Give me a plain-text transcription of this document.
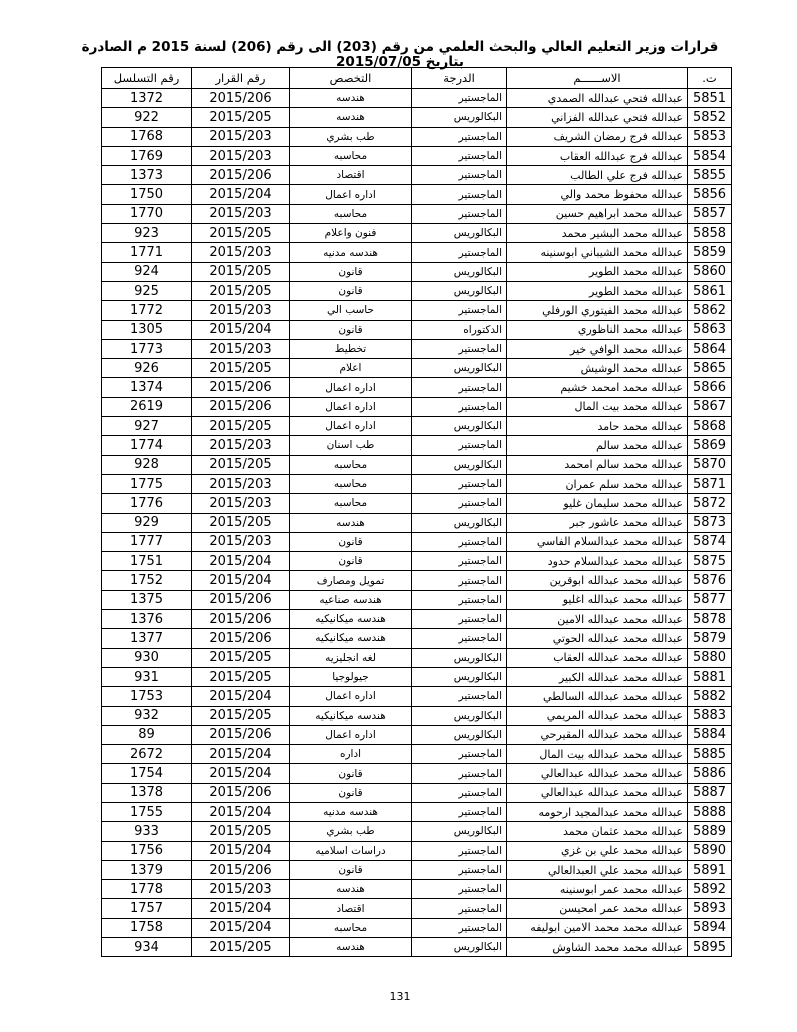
قرارات وزير التعليم العالي والبحث العلمي من رقم (203) الى رقم (206) لسنة 2015 م الصادرة بتاريخ 2015/07/05
ت.	الاســــــم	الدرجة	التخصص	رقم القرار	رقم التسلسل
5851	عبدالله فتحي عبدالله الصمدي	الماجستير	هندسه	2015/206	1372
5852	عبدالله فتحي عبدالله الفزاني	البكالوريس	هندسه	2015/205	922
5853	عبدالله فرج رمضان الشريف	الماجستير	طب بشري	2015/203	1768
5854	عبدالله فرج عبدالله العقاب	الماجستير	محاسبه	2015/203	1769
5855	عبدالله فرج علي الطالب	الماجستير	اقتصاد	2015/206	1373
5856	عبدالله محفوظ محمد والي	الماجستير	اداره اعمال	2015/204	1750
5857	عبدالله محمد ابراهيم حسين	الماجستير	محاسبه	2015/203	1770
5858	عبدالله محمد البشير محمد	البكالوريس	فنون واعلام	2015/205	923
5859	عبدالله محمد الشيباني ابوسنينه	الماجستير	هندسه مدنيه	2015/203	1771
5860	عبدالله محمد الطوير	البكالوريس	قانون	2015/205	924
5861	عبدالله محمد الطوير	البكالوريس	قانون	2015/205	925
5862	عبدالله محمد الفيتوري الورفلي	الماجستير	حاسب الي	2015/203	1772
5863	عبدالله محمد الناظوري	الدكتوراه	قانون	2015/204	1305
5864	عبدالله محمد الوافي خير	الماجستير	تخطيط	2015/203	1773
5865	عبدالله محمد الوشيش	البكالوريس	اعلام	2015/205	926
5866	عبدالله محمد امحمد خشيم	الماجستير	اداره اعمال	2015/206	1374
5867	عبدالله محمد بيت المال	الماجستير	اداره اعمال	2015/206	2619
5868	عبدالله محمد حامد	البكالوريس	اداره اعمال	2015/205	927
5869	عبدالله محمد سالم	الماجستير	طب اسنان	2015/203	1774
5870	عبدالله محمد سالم امحمد	البكالوريس	محاسبه	2015/205	928
5871	عبدالله محمد سلم عمران	الماجستير	محاسبه	2015/203	1775
5872	عبدالله محمد سليمان غليو	الماجستير	محاسبه	2015/203	1776
5873	عبدالله محمد عاشور جبر	البكالوريس	هندسه	2015/205	929
5874	عبدالله محمد عبدالسلام الفاسي	الماجستير	قانون	2015/203	1777
5875	عبدالله محمد عبدالسلام حدود	الماجستير	قانون	2015/204	1751
5876	عبدالله محمد عبدالله ابوقرين	الماجستير	تمويل ومصارف	2015/204	1752
5877	عبدالله محمد عبدالله اغليو	الماجستير	هندسه صناعيه	2015/206	1375
5878	عبدالله محمد عبدالله الامين	الماجستير	هندسه ميكانيكيه	2015/206	1376
5879	عبدالله محمد عبدالله الحوتي	الماجستير	هندسه ميكانيكيه	2015/206	1377
5880	عبدالله محمد عبدالله العقاب	البكالوريس	لغه انجليزيه	2015/205	930
5881	عبدالله محمد عبدالله الكبير	البكالوريس	جيولوجيا	2015/205	931
5882	عبدالله محمد عبدالله السالطي	الماجستير	اداره اعمال	2015/204	1753
5883	عبدالله محمد عبدالله المريمي	البكالوريس	هندسه ميكانيكيه	2015/205	932
5884	عبدالله محمد عبدالله المقيرحي	البكالوريس	اداره اعمال	2015/206	89
5885	عبدالله محمد عبدالله بيت المال	الماجستير	اداره	2015/204	2672
5886	عبدالله محمد عبدالله عبدالعالي	الماجستير	قانون	2015/204	1754
5887	عبدالله محمد عبدالله عبدالعالي	الماجستير	قانون	2015/206	1378
5888	عبدالله محمد عبدالمجيد ارحومه	الماجستير	هندسه مدنيه	2015/204	1755
5889	عبدالله محمد عثمان محمد	البكالوريس	طب بشري	2015/205	933
5890	عبدالله محمد علي بن غزي	الماجستير	دراسات اسلاميه	2015/204	1756
5891	عبدالله محمد علي العبدالعالي	الماجستير	قانون	2015/206	1379
5892	عبدالله محمد عمر ابوسنينه	الماجستير	هندسه	2015/203	1778
5893	عبدالله محمد عمر امحيسن	الماجستير	اقتصاد	2015/204	1757
5894	عبدالله محمد محمد الامين ابوليفه	الماجستير	محاسبه	2015/204	1758
5895	عبدالله محمد محمد الشاوش	البكالوريس	هندسه	2015/205	934
131
